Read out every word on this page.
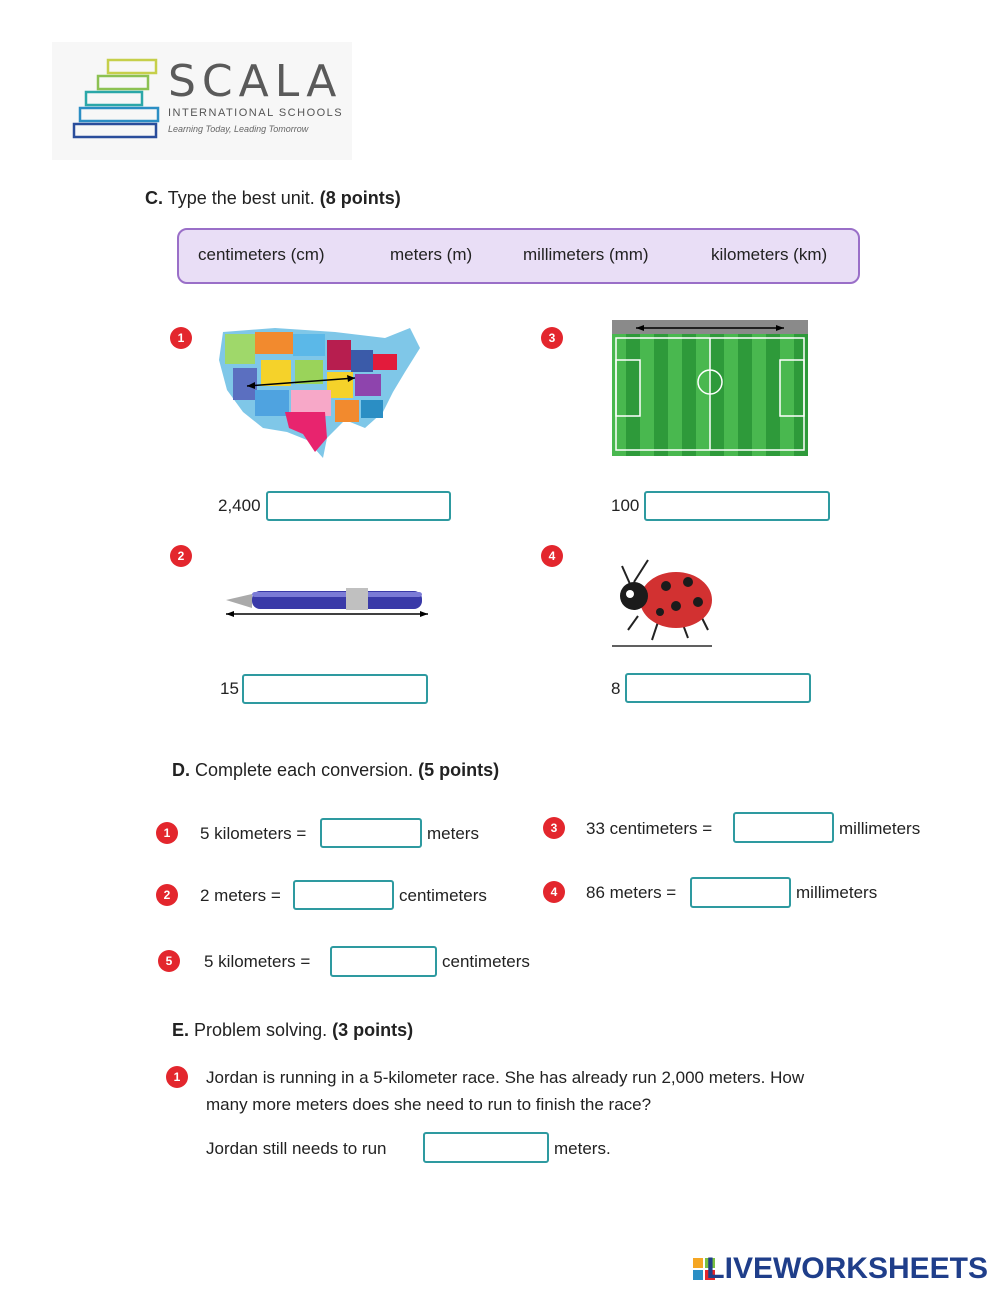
SCALA
INTERNATIONAL SCHOOLS
Learning Today, Leading Tomorrow
C. Type the best unit. (8 points)
centimeters (cm)	meters (m)	millimeters (mm)	kilometers (km)
1
2,400
2
15
3
100
4
8
D. Complete each conversion. (5 points)
1	5 kilometers =	meters
2	2 meters =	centimeters
3	33 centimeters =	millimeters
4	86 meters =	millimeters
5	5 kilometers =	centimeters
E. Problem solving. (3 points)
1	Jordan is running in a 5-kilometer race. She has already run 2,000 meters. How
many more meters does she need to run to finish the race?
Jordan still needs to run	meters.
LIVEWORKSHEETS
